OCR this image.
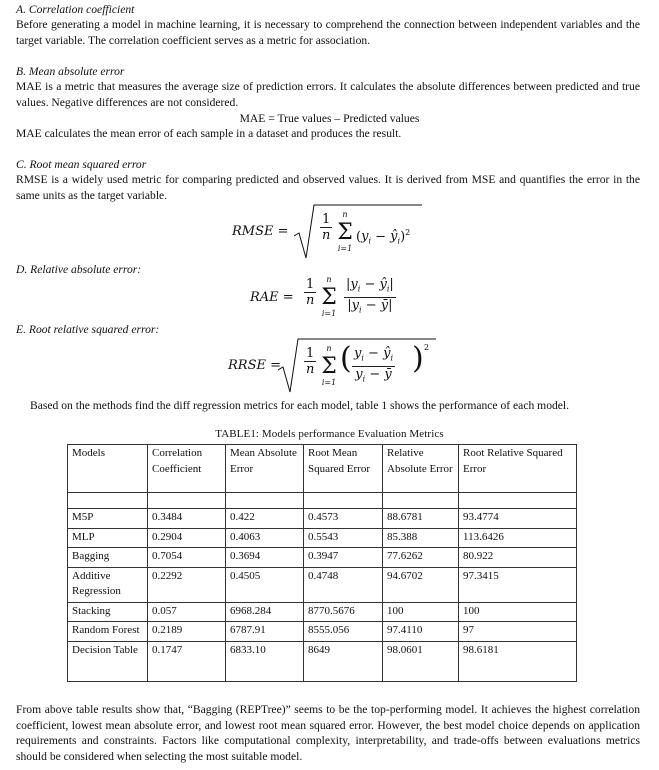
A. Correlation coefficient
Before generating a model in machine learning, it is necessary to comprehend the connection between independent variables and the target variable. The correlation coefficient serves as a metric for association.
B. Mean absolute error
MAE is a metric that measures the average size of prediction errors. It calculates the absolute differences between predicted and true values. Negative differences are not considered.
MAE = True values – Predicted values
MAE calculates the mean error of each sample in a dataset and produces the result.
C. Root mean squared error
RMSE is a widely used metric for comparing predicted and observed values. It is derived from MSE and quantifies the error in the same units as the target variable.
RMSE = $\frac{1}{n}$ Σ
n
i=1
($y_i$ − $ŷ_i)^2$
D. Relative absolute error:
RAE = $\frac{1}{n}$ Σ
n
$i=1 \frac{|y_i - ŷ_i|}{|y_i - ȳ|}$
E. Root relative squared error:
RRSE = $\frac{1}{n}$ Σ
n
i=1
( $\frac{y_i - ŷ_i}{y_i - ȳ}$ ) 2
Based on the methods find the diff regression metrics for each model, table 1 shows the performance of each model.
TABLE1: Models performance Evaluation Metrics
Models	Correlation Coefficient	Mean Absolute Error	Root Mean Squared Error	Relative Absolute Error	Root Relative Squared Error

M5P	0.3484	0.422	0.4573	88.6781	93.4774
MLP	0.2904	0.4063	0.5543	85.388	113.6426
Bagging	0.7054	0.3694	0.3947	77.6262	80.922
Additive Regression	0.2292	0.4505	0.4748	94.6702	97.3415
Stacking	0.057	6968.284	8770.5676	100	100
Random Forest	0.2189	6787.91	8555.056	97.4110	97
Decision Table	0.1747	6833.10	8649	98.0601	98.6181
From above table results show that, “Bagging (REPTree)” seems to be the top-performing model. It achieves the highest correlation coefficient, lowest mean absolute error, and lowest root mean squared error. However, the best model choice depends on application requirements and constraints. Factors like computational complexity, interpretability, and trade-offs between evaluations metrics should be considered when selecting the most suitable model.
